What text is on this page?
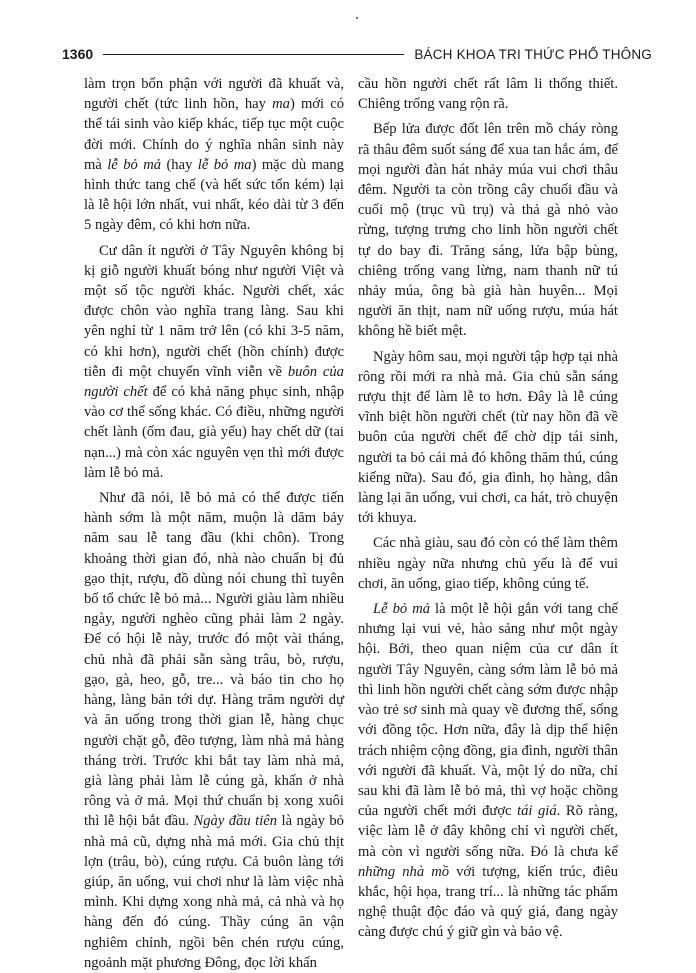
1360	BÁCH KHOA TRI THỨC PHỔ THÔNG

làm trọn bổn phận với người đã khuất và, người chết (tức linh hồn, hay ma) mới có thể tái sinh vào kiếp khác, tiếp tục một cuộc đời mới. Chính do ý nghĩa nhân sinh này mà lễ bỏ mả (hay lễ bỏ ma) mặc dù mang hình thức tang chế (và hết sức tốn kém) lại là lễ hội lớn nhất, vui nhất, kéo dài từ 3 đến 5 ngày đêm, có khi hơn nữa.

Cư dân ít người ở Tây Nguyên không bị kị giỗ người khuất bóng như người Việt và một số tộc người khác. Người chết, xác được chôn vào nghĩa trang làng. Sau khi yên nghỉ từ 1 năm trở lên (có khi 3-5 năm, có khi hơn), người chết (hồn chính) được tiễn đi một chuyến vĩnh viễn về buôn của người chết để có khả năng phục sinh, nhập vào cơ thể sống khác. Có điều, những người chết lành (ốm đau, già yếu) hay chết dữ (tai nạn...) mà còn xác nguyên vẹn thì mới được làm lễ bỏ mả.

Như đã nói, lễ bỏ mả có thể được tiến hành sớm là một năm, muộn là dăm bảy năm sau lễ tang đầu (khi chôn). Trong khoảng thời gian đó, nhà nào chuẩn bị đủ gạo thịt, rượu, đồ dùng nói chung thì tuyên bố tổ chức lễ bỏ mả... Người giàu làm nhiều ngày, người nghèo cũng phải làm 2 ngày. Để có hội lễ này, trước đó một vài tháng, chủ nhà đã phải sẵn sàng trâu, bò, rượu, gạo, gà, heo, gỗ, tre... và báo tin cho họ hàng, làng bản tới dự. Hàng trăm người dự và ăn uống trong thời gian lễ, hàng chục người chặt gỗ, đẽo tượng, làm nhà mả hàng tháng trời. Trước khi bắt tay làm nhà mả, già làng phải làm lễ cúng gà, khấn ở nhà rông và ở mả. Mọi thứ chuẩn bị xong xuôi thì lễ hội bắt đầu. Ngày đầu tiên là ngày bỏ nhà mả cũ, dựng nhà mả mới. Gia chủ thịt lợn (trâu, bò), cúng rượu. Cả buôn làng tới giúp, ăn uống, vui chơi như là làm việc nhà mình. Khi dựng xong nhà mả, cả nhà và họ hàng đến đó cúng. Thầy cúng ăn vận nghiêm chỉnh, ngồi bên chén rượu cúng, ngoảnh mặt phương Đông, đọc lời khấn

cầu hồn người chết rất lâm li thống thiết. Chiêng trống vang rộn rã.

Bếp lửa được đốt lên trên mồ cháy ròng rã thâu đêm suốt sáng để xua tan hắc ám, để mọi người đàn hát nhảy múa vui chơi thâu đêm. Người ta còn trồng cây chuối đầu và cuối mộ (trục vũ trụ) và thả gà nhỏ vào rừng, tượng trưng cho linh hồn người chết tự do bay đi. Trăng sáng, lửa bập bùng, chiêng trống vang lừng, nam thanh nữ tú nhảy múa, ông bà già hàn huyên... Mọi người ăn thịt, nam nữ uống rượu, múa hát không hề biết mệt.

Ngày hôm sau, mọi người tập hợp tại nhà rông rồi mới ra nhà mả. Gia chủ sẵn sáng rượu thịt để làm lễ to hơn. Đây là lễ cúng vĩnh biệt hồn người chết (từ nay hồn đã về buôn của người chết để chờ dịp tái sinh, người ta bỏ cái mả đó không thăm thú, cúng kiếng nữa). Sau đó, gia đình, họ hàng, dân làng lại ăn uống, vui chơi, ca hát, trò chuyện tới khuya.

Các nhà giàu, sau đó còn có thể làm thêm nhiều ngày nữa nhưng chủ yếu là để vui chơi, ăn uống, giao tiếp, không cúng tế.

Lễ bỏ mả là một lễ hội gắn với tang chế nhưng lại vui vẻ, hào sảng như một ngày hội. Bởi, theo quan niệm của cư dân ít người Tây Nguyên, càng sớm làm lễ bỏ mả thì linh hồn người chết càng sớm được nhập vào trẻ sơ sinh mà quay về đương thế, sống với đồng tộc. Hơn nữa, đây là dịp thể hiện trách nhiệm cộng đồng, gia đình, người thân với người đã khuất. Và, một lý do nữa, chỉ sau khi đã làm lễ bỏ mả, thì vợ hoặc chồng của người chết mới được tái giá. Rõ ràng, việc làm lễ ở đây không chỉ vì người chết, mà còn vì người sống nữa. Đó là chưa kể những nhà mồ với tượng, kiến trúc, điêu khắc, hội họa, trang trí... là những tác phẩm nghệ thuật độc đáo và quý giá, đang ngày càng được chú ý giữ gìn và bảo vệ.
